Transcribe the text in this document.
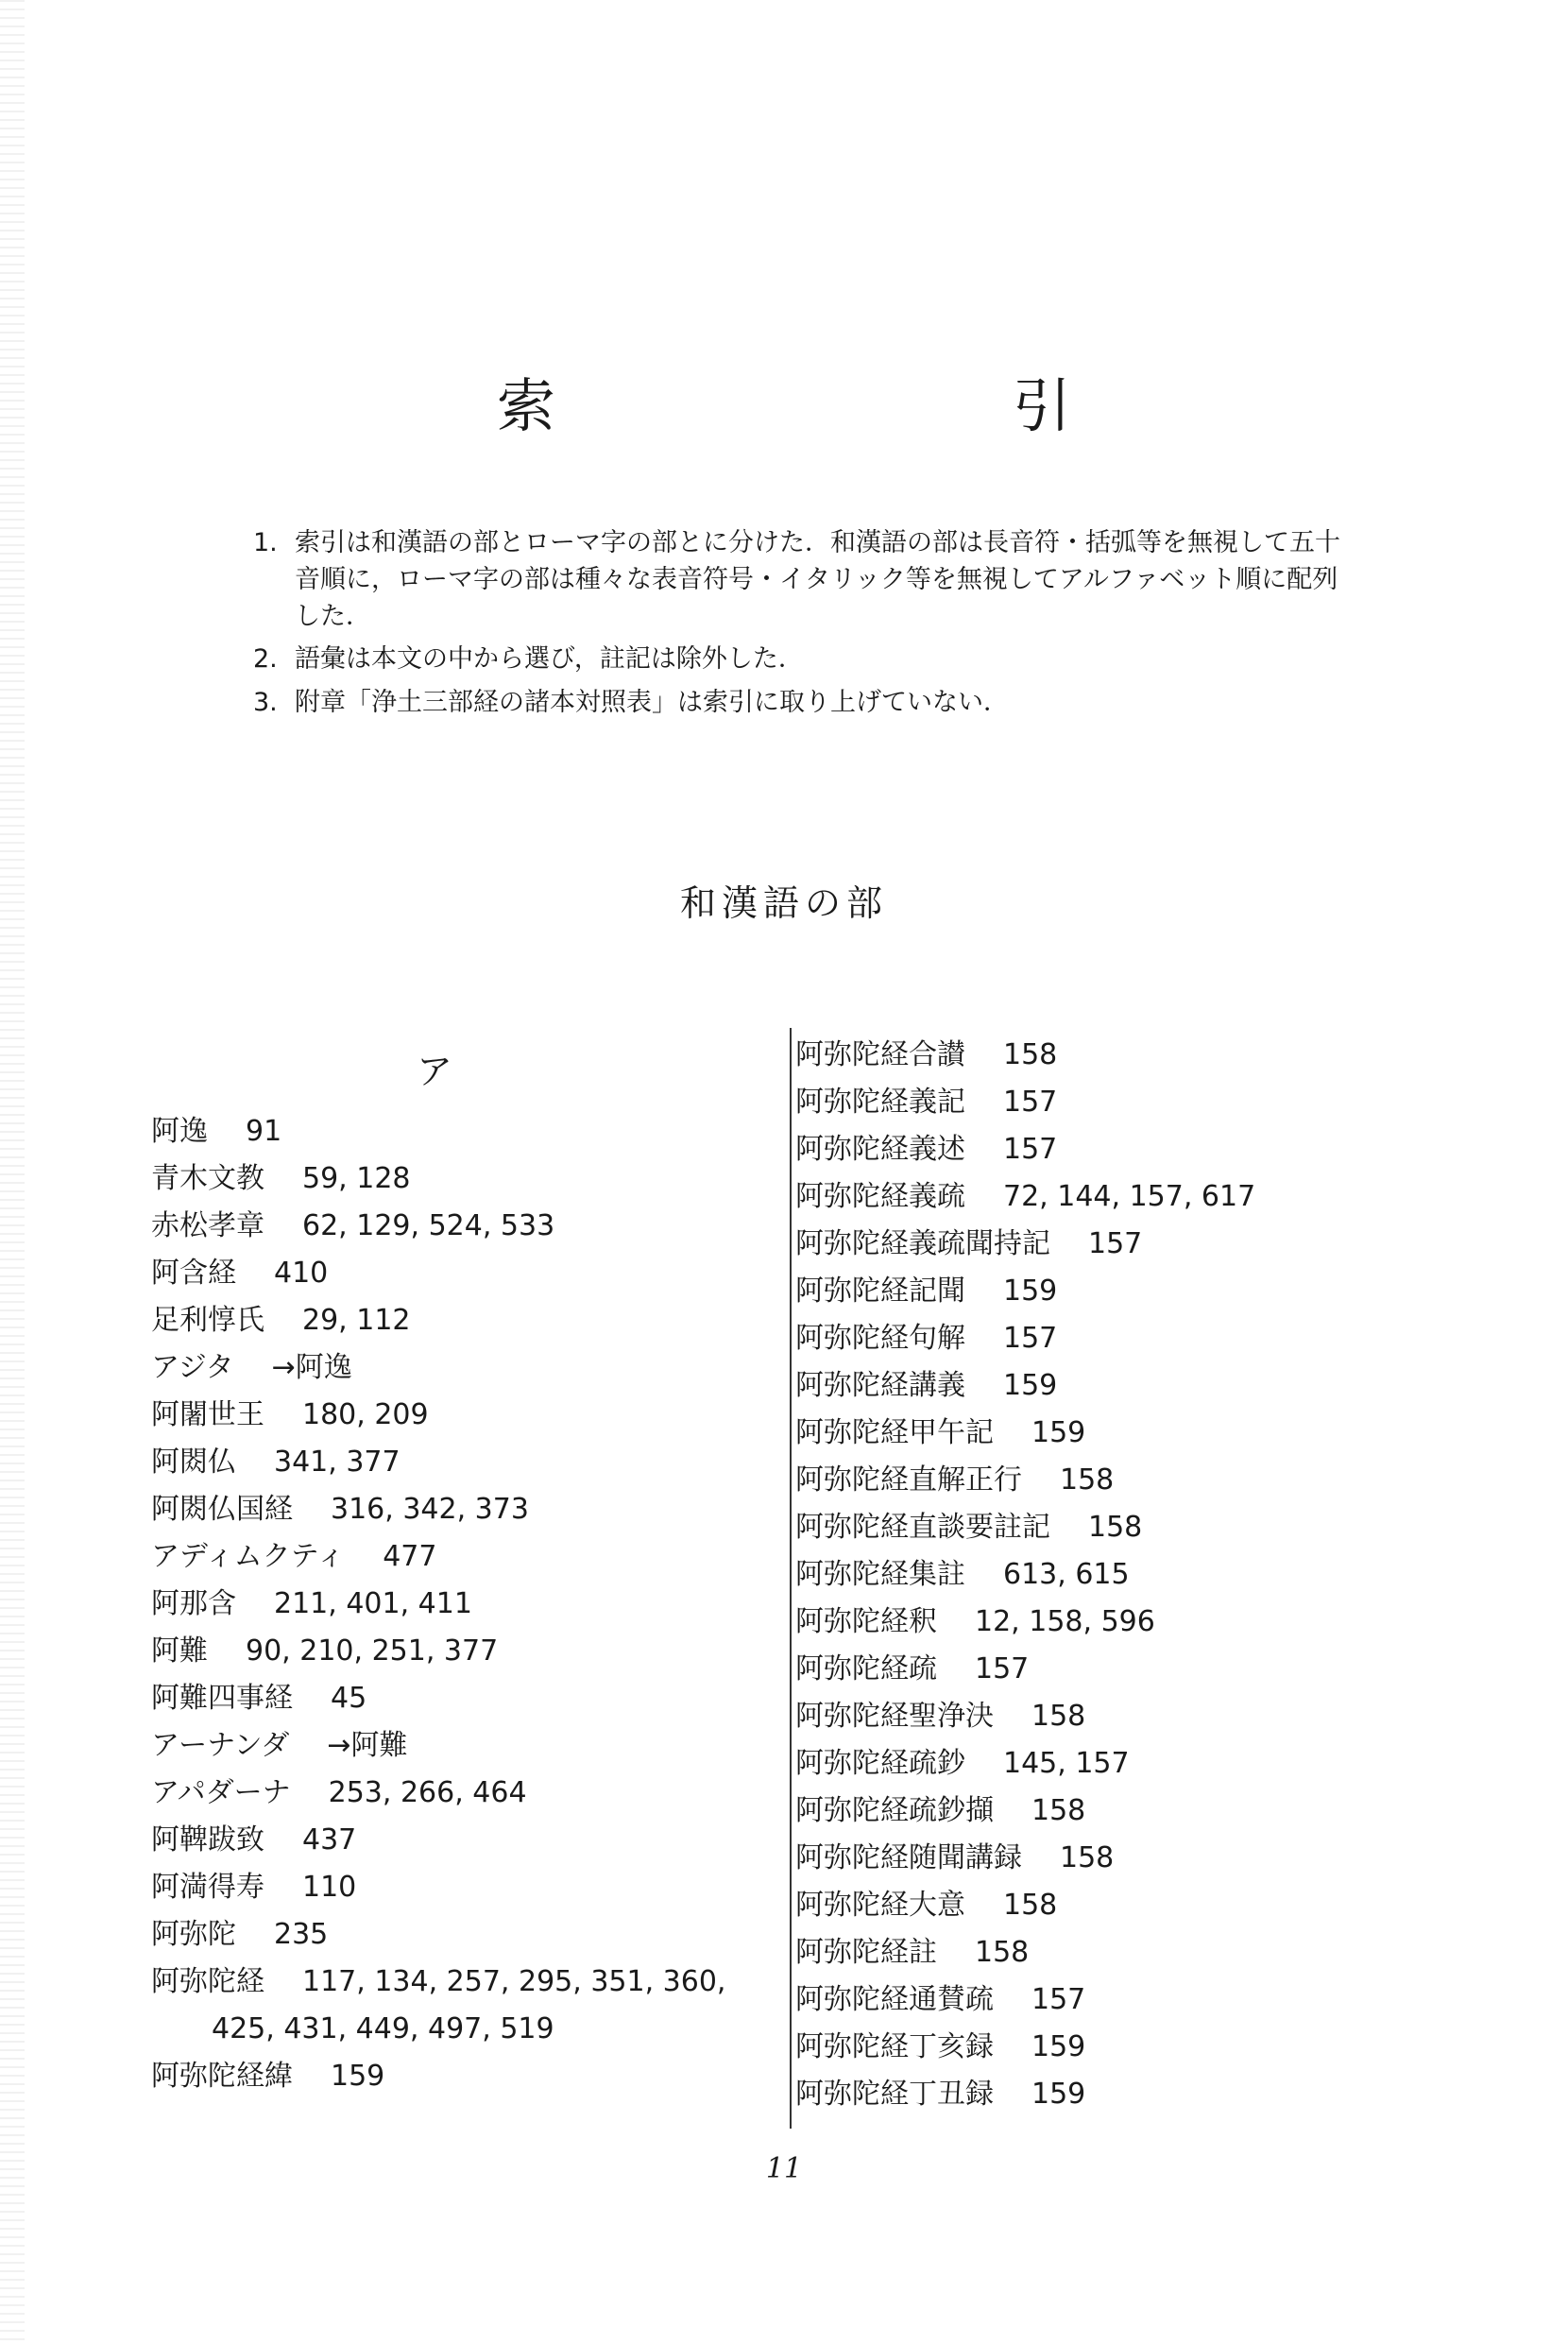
索　　引
1. 索引は和漢語の部とローマ字の部とに分けた．和漢語の部は長音符・括弧等を無視して五十音順に，ローマ字の部は種々な表音符号・イタリック等を無視してアルファベット順に配列した．
2. 語彙は本文の中から選び，註記は除外した．
3. 附章「浄土三部経の諸本対照表」は索引に取り上げていない．
和漢語の部
ア
阿逸 91
青木文教 59, 128
赤松孝章 62, 129, 524, 533
阿含経 410
足利惇氏 29, 112
アジタ →阿逸
阿闍世王 180, 209
阿閦仏 341, 377
阿閦仏国経 316, 342, 373
アディムクティ 477
阿那含 211, 401, 411
阿難 90, 210, 251, 377
阿難四事経 45
アーナンダ →阿難
アパダーナ 253, 266, 464
阿鞞跋致 437
阿満得寿 110
阿弥陀 235
阿弥陀経 117, 134, 257, 295, 351, 360,
425, 431, 449, 497, 519
阿弥陀経緯 159
阿弥陀経合讃 158
阿弥陀経義記 157
阿弥陀経義述 157
阿弥陀経義疏 72, 144, 157, 617
阿弥陀経義疏聞持記 157
阿弥陀経記聞 159
阿弥陀経句解 157
阿弥陀経講義 159
阿弥陀経甲午記 159
阿弥陀経直解正行 158
阿弥陀経直談要註記 158
阿弥陀経集註 613, 615
阿弥陀経釈 12, 158, 596
阿弥陀経疏 157
阿弥陀経聖浄決 158
阿弥陀経疏鈔 145, 157
阿弥陀経疏鈔擷 158
阿弥陀経随聞講録 158
阿弥陀経大意 158
阿弥陀経註 158
阿弥陀経通賛疏 157
阿弥陀経丁亥録 159
阿弥陀経丁丑録 159
11
